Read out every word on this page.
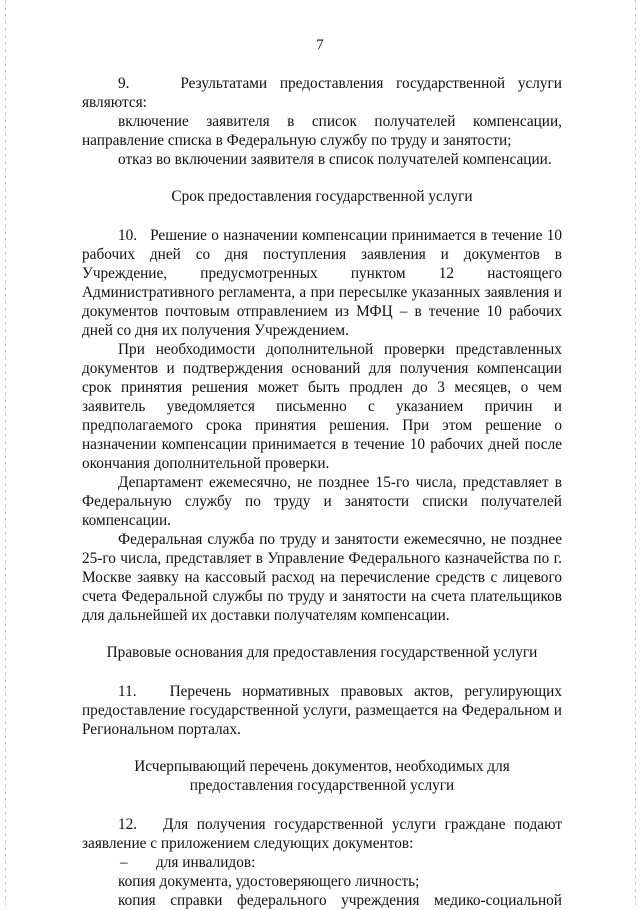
7

9.    Результатами предоставления государственной услуги являются:

включение заявителя в список получателей компенсации, направление списка в Федеральную службу по труду и занятости;

отказ во включении заявителя в список получателей компенсации.

Срок предоставления государственной услуги

10.   Решение о назначении компенсации принимается в течение 10 рабочих дней со дня поступления заявления и документов в Учреждение, предусмотренных пунктом 12 настоящего Административного регламента, а при пересылке указанных заявления и документов почтовым отправлением из МФЦ – в течение 10 рабочих дней со дня их получения Учреждением.

При необходимости дополнительной проверки представленных документов и подтверждения оснований для получения компенсации срок принятия решения может быть продлен до 3 месяцев, о чем заявитель уведомляется письменно с указанием причин и предполагаемого срока принятия решения. При этом решение о назначении компенсации принимается в течение 10 рабочих дней после окончания дополнительной проверки.

Департамент ежемесячно, не позднее 15-го числа, представляет в Федеральную службу по труду и занятости списки получателей компенсации.

Федеральная служба по труду и занятости ежемесячно, не позднее 25-го числа, представляет в Управление Федерального казначейства по г. Москве заявку на кассовый расход на перечисление средств с лицевого счета Федеральной службы по труду и занятости на счета плательщиков для дальнейшей их доставки получателям компенсации.

Правовые основания для предоставления государственной услуги

11.   Перечень нормативных правовых актов, регулирующих предоставление государственной услуги, размещается на Федеральном и Региональном порталах.

Исчерпывающий перечень документов, необходимых для предоставления государственной услуги

12.   Для получения государственной услуги граждане подают заявление с приложением следующих документов:

–	для инвалидов:

копия документа, удостоверяющего личность;

копия справки федерального учреждения медико-социальной
